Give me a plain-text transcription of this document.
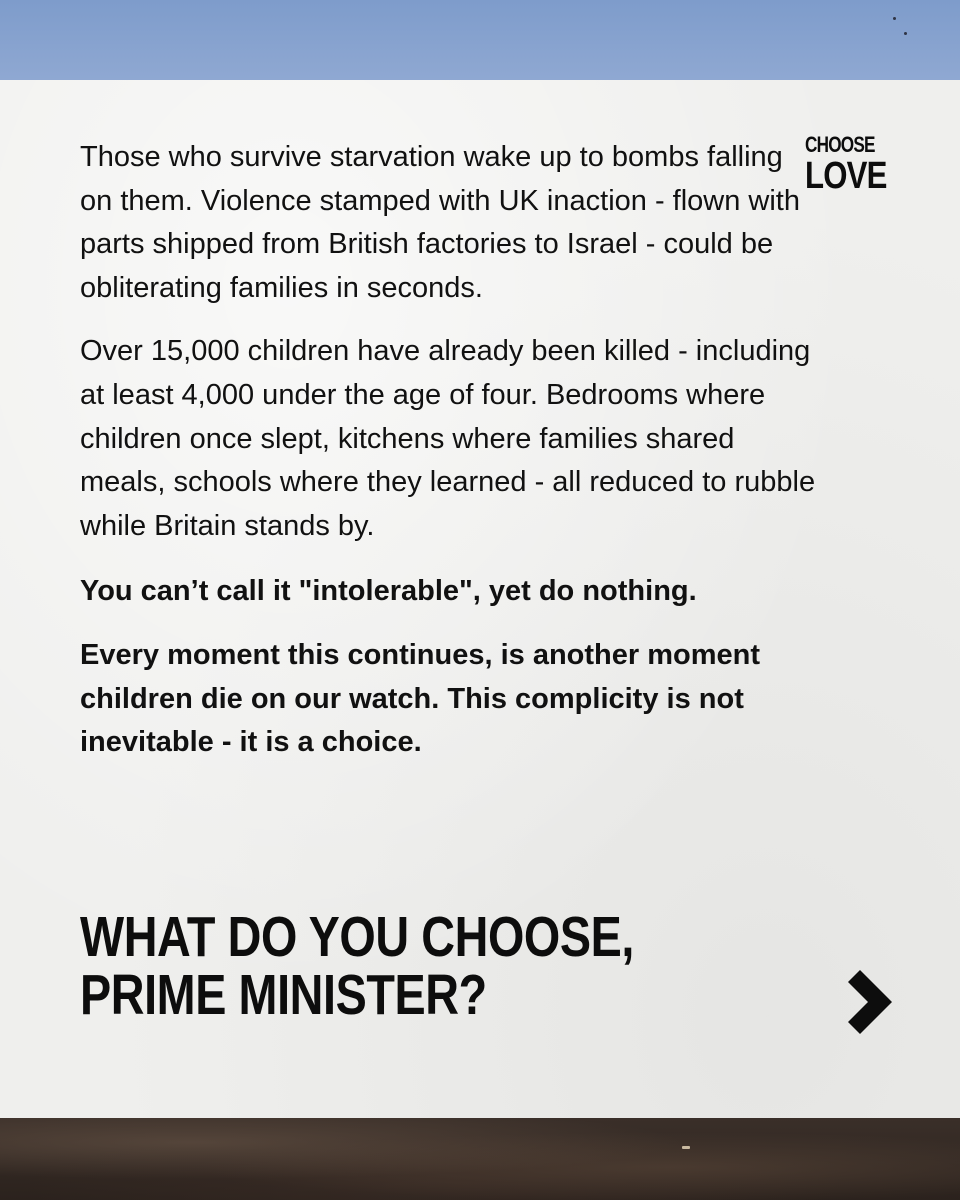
CHOOSE
LOVE

Those who survive starvation wake up to bombs falling on them. Violence stamped with UK inaction - flown with parts shipped from British factories to Israel - could be obliterating families in seconds.

Over 15,000 children have already been killed - including at least 4,000 under the age of four. Bedrooms where children once slept, kitchens where families shared meals, schools where they learned - all reduced to rubble while Britain stands by.

You can’t call it "intolerable", yet do nothing.

Every moment this continues, is another moment children die on our watch. This complicity is not inevitable - it is a choice.

WHAT DO YOU CHOOSE,
PRIME MINISTER?
